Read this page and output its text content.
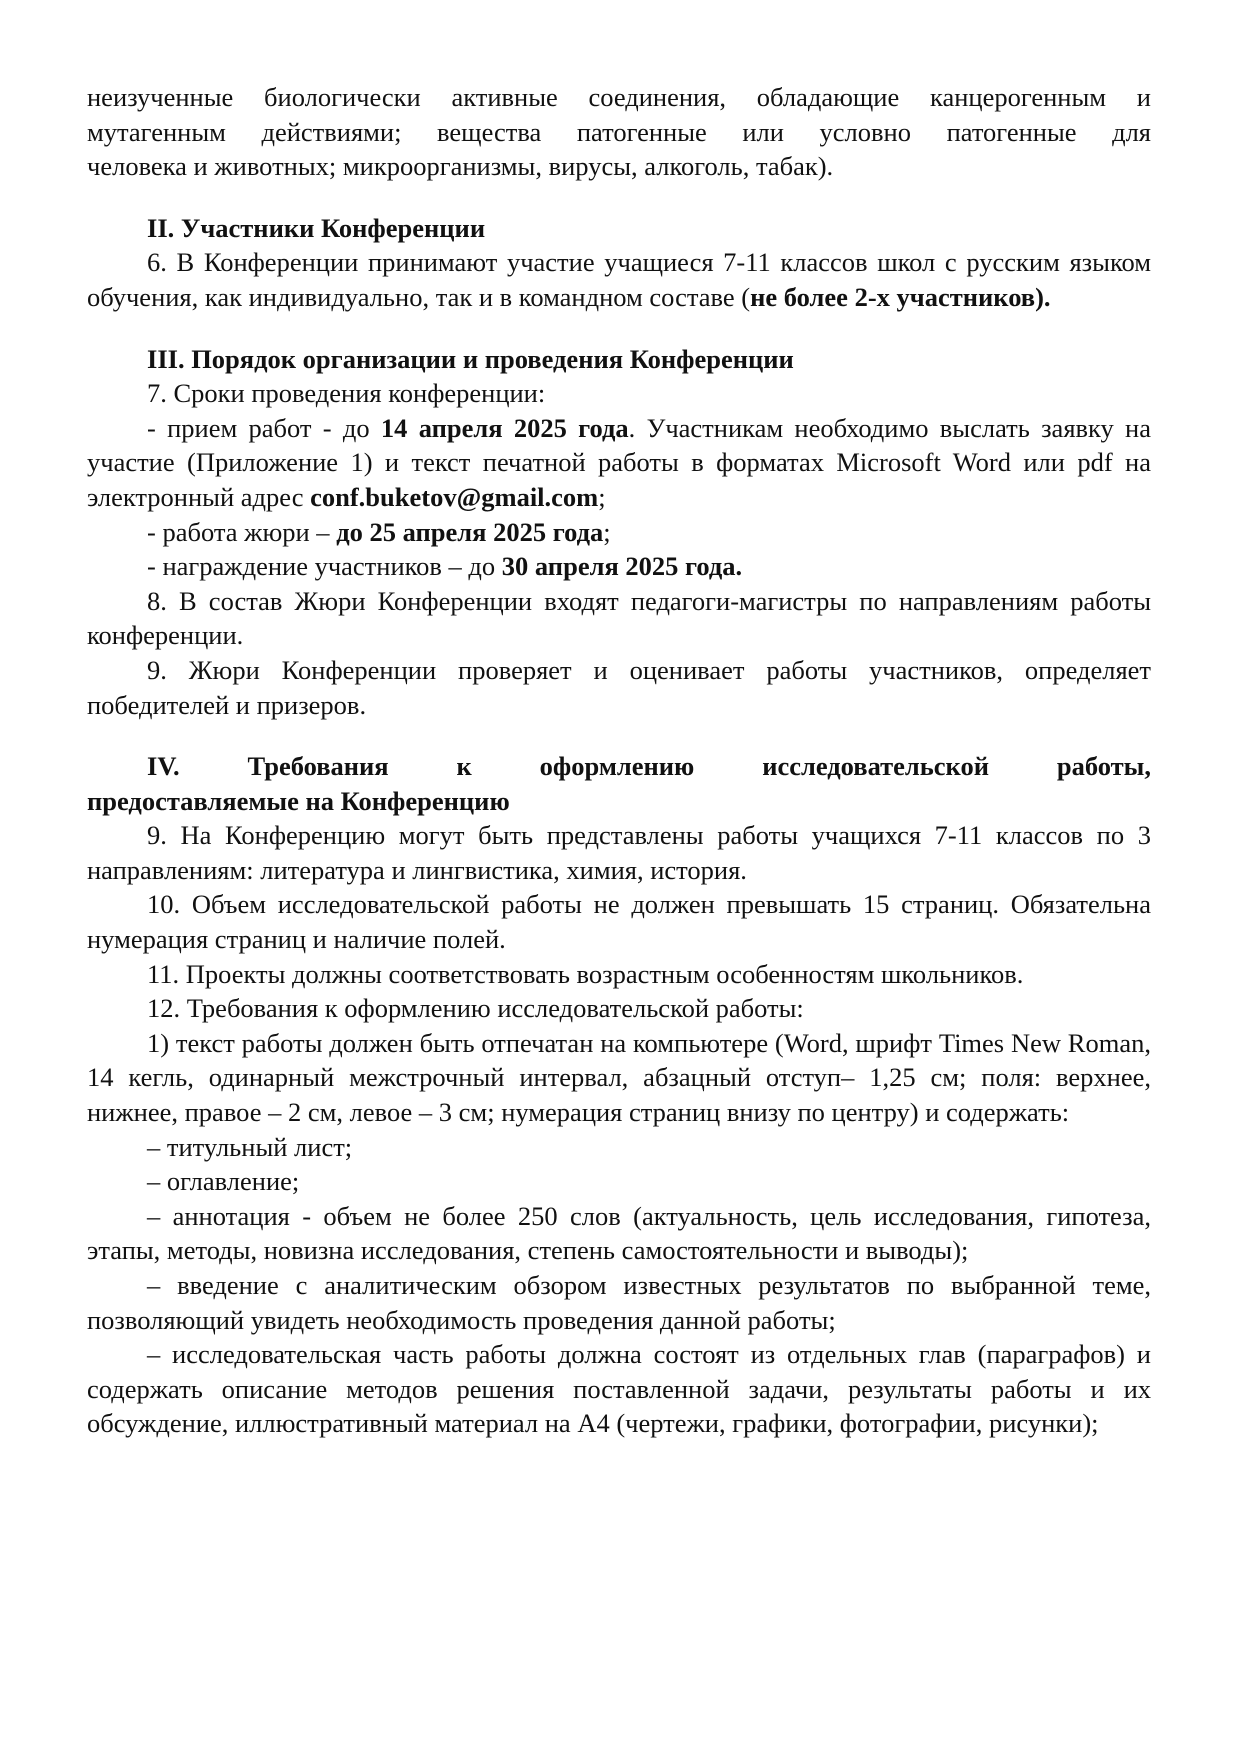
неизученные биологически активные соединения, обладающие канцерогенным и

мутагенным действиями; вещества патогенные или условно патогенные для

человека и животных; микроорганизмы, вирусы, алкоголь, табак).

II. Участники Конференции

6. В Конференции принимают участие учащиеся 7-11 классов школ с русским языком обучения, как индивидуально, так и в командном составе (не более 2-х участников).

III. Порядок организации и проведения Конференции

7. Сроки проведения конференции:

- прием работ - до 14 апреля 2025 года. Участникам необходимо выслать заявку на участие (Приложение 1) и текст печатной работы в форматах Microsoft Word или pdf на электронный адрес conf.buketov@gmail.com;

- работа жюри – до 25 апреля 2025 года;

- награждение участников – до 30 апреля 2025 года.

8. В состав Жюри Конференции входят педагоги-магистры по направлениям работы конференции.

9. Жюри Конференции проверяет и оценивает работы участников, определяет победителей и призеров.

IV.	Требования	к	оформлению	исследовательской	работы,

предоставляемые на Конференцию

9. На Конференцию могут быть представлены работы учащихся 7-11 классов по 3 направлениям: литература и лингвистика, химия, история.

10. Объем исследовательской работы не должен превышать 15 страниц. Обязательна нумерация страниц и наличие полей.

11. Проекты должны соответствовать возрастным особенностям школьников.

12. Требования к оформлению исследовательской работы:

1) текст работы должен быть отпечатан на компьютере (Word, шрифт Times New Roman, 14 кегль, одинарный межстрочный интервал, абзацный отступ– 1,25 см; поля: верхнее, нижнее, правое – 2 см, левое – 3 см; нумерация страниц внизу по центру) и содержать:

– титульный лист;

– оглавление;

– аннотация - объем не более 250 слов (актуальность, цель исследования, гипотеза, этапы, методы, новизна исследования, степень самостоятельности и выводы);

– введение с аналитическим обзором известных результатов по выбранной теме, позволяющий увидеть необходимость проведения данной работы;

– исследовательская часть работы должна состоят из отдельных глав (параграфов) и содержать описание методов решения поставленной задачи, результаты работы и их обсуждение, иллюстративный материал на А4 (чертежи, графики, фотографии, рисунки);
